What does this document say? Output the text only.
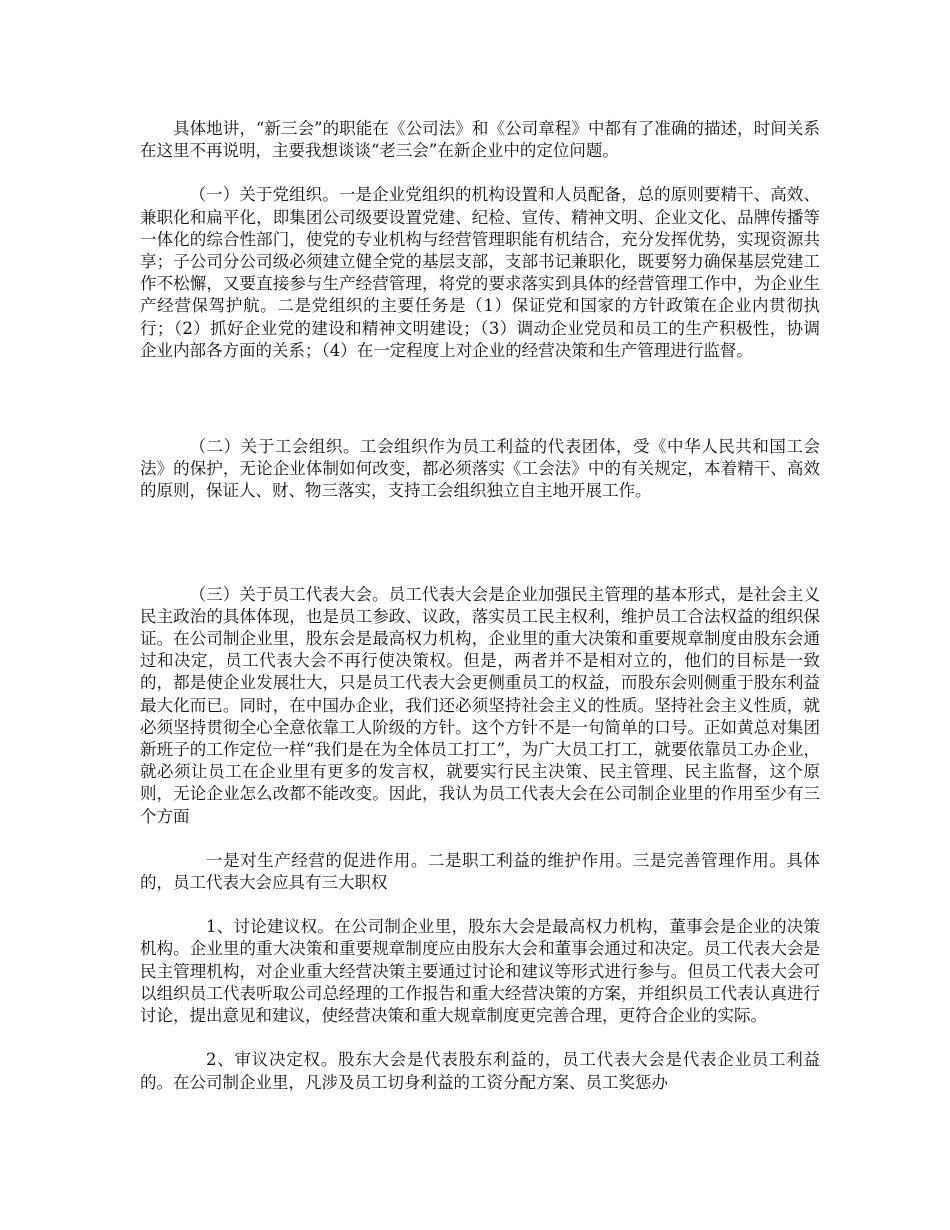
具体地讲，“新三会”的职能在《公司法》和《公司章程》中都有了准确的描述，时间关系在这里不再说明，主要我想谈谈“老三会”在新企业中的定位问题。

（一）关于党组织。一是企业党组织的机构设置和人员配备，总的原则要精干、高效、兼职化和扁平化，即集团公司级要设置党建、纪检、宣传、精神文明、企业文化、品牌传播等一体化的综合性部门，使党的专业机构与经营管理职能有机结合，充分发挥优势，实现资源共享；子公司分公司级必须建立健全党的基层支部，支部书记兼职化，既要努力确保基层党建工作不松懈，又要直接参与生产经营管理，将党的要求落实到具体的经营管理工作中，为企业生产经营保驾护航。二是党组织的主要任务是（1）保证党和国家的方针政策在企业内贯彻执行；（2）抓好企业党的建设和精神文明建设；（3）调动企业党员和员工的生产积极性，协调企业内部各方面的关系；（4）在一定程度上对企业的经营决策和生产管理进行监督。

（二）关于工会组织。工会组织作为员工利益的代表团体，受《中华人民共和国工会法》的保护，无论企业体制如何改变，都必须落实《工会法》中的有关规定，本着精干、高效的原则，保证人、财、物三落实，支持工会组织独立自主地开展工作。

（三）关于员工代表大会。员工代表大会是企业加强民主管理的基本形式，是社会主义民主政治的具体体现，也是员工参政、议政，落实员工民主权利，维护员工合法权益的组织保证。在公司制企业里，股东会是最高权力机构，企业里的重大决策和重要规章制度由股东会通过和决定，员工代表大会不再行使决策权。但是，两者并不是相对立的，他们的目标是一致的，都是使企业发展壮大，只是员工代表大会更侧重员工的权益，而股东会则侧重于股东利益最大化而已。同时，在中国办企业，我们还必须坚持社会主义的性质。坚持社会主义性质，就必须坚持贯彻全心全意依靠工人阶级的方针。这个方针不是一句简单的口号。正如黄总对集团新班子的工作定位一样“我们是在为全体员工打工”，为广大员工打工，就要依靠员工办企业，就必须让员工在企业里有更多的发言权，就要实行民主决策、民主管理、民主监督，这个原则，无论企业怎么改都不能改变。因此，我认为员工代表大会在公司制企业里的作用至少有三个方面

一是对生产经营的促进作用。二是职工利益的维护作用。三是完善管理作用。具体的，员工代表大会应具有三大职权

1、讨论建议权。在公司制企业里，股东大会是最高权力机构，董事会是企业的决策机构。企业里的重大决策和重要规章制度应由股东大会和董事会通过和决定。员工代表大会是民主管理机构，对企业重大经营决策主要通过讨论和建议等形式进行参与。但员工代表大会可以组织员工代表听取公司总经理的工作报告和重大经营决策的方案，并组织员工代表认真进行讨论，提出意见和建议，使经营决策和重大规章制度更完善合理，更符合企业的实际。

2、审议决定权。股东大会是代表股东利益的，员工代表大会是代表企业员工利益的。在公司制企业里，凡涉及员工切身利益的工资分配方案、员工奖惩办
